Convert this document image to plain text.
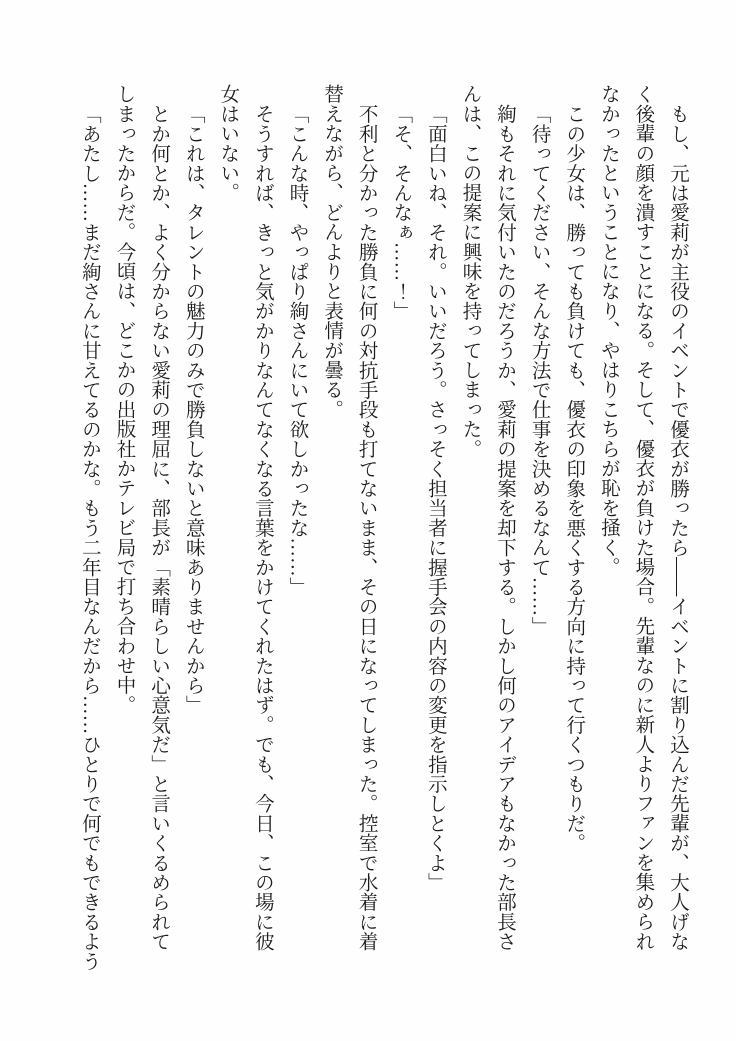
もし、元は愛莉が主役のイベントで優衣が勝ったら――イベントに割り込んだ先輩が、大人げな

く後輩の顔を潰すことになる。そして、優衣が負けた場合。先輩なのに新人よりファンを集められ

なかったということになり、やはりこちらが恥を掻く。

この少女は、勝っても負けても、優衣の印象を悪くする方向に持って行くつもりだ。

「待ってください、そんな方法で仕事を決めるなんて……」

絢もそれに気付いたのだろうか、愛莉の提案を却下する。しかし何のアイデアもなかった部長さ

んは、この提案に興味を持ってしまった。

「面白いね、それ。いいだろう。さっそく担当者に握手会の内容の変更を指示しとくよ」

「そ、そんなぁ……！」

不利と分かった勝負に何の対抗手段も打てないまま、その日になってしまった。控室で水着に着

替えながら、どんよりと表情が曇る。

「こんな時、やっぱり絢さんにいて欲しかったな……」

そうすれば、きっと気がかりなんてなくなる言葉をかけてくれたはず。でも、今日、この場に彼

女はいない。

「これは、タレントの魅力のみで勝負しないと意味ありませんから」

とか何とか、よく分からない愛莉の理屈に、部長が「素晴らしい心意気だ」と言いくるめられて

しまったからだ。今頃は、どこかの出版社かテレビ局で打ち合わせ中。

「あたし……まだ絢さんに甘えてるのかな。もう二年目なんだから……ひとりで何でもできるよう
